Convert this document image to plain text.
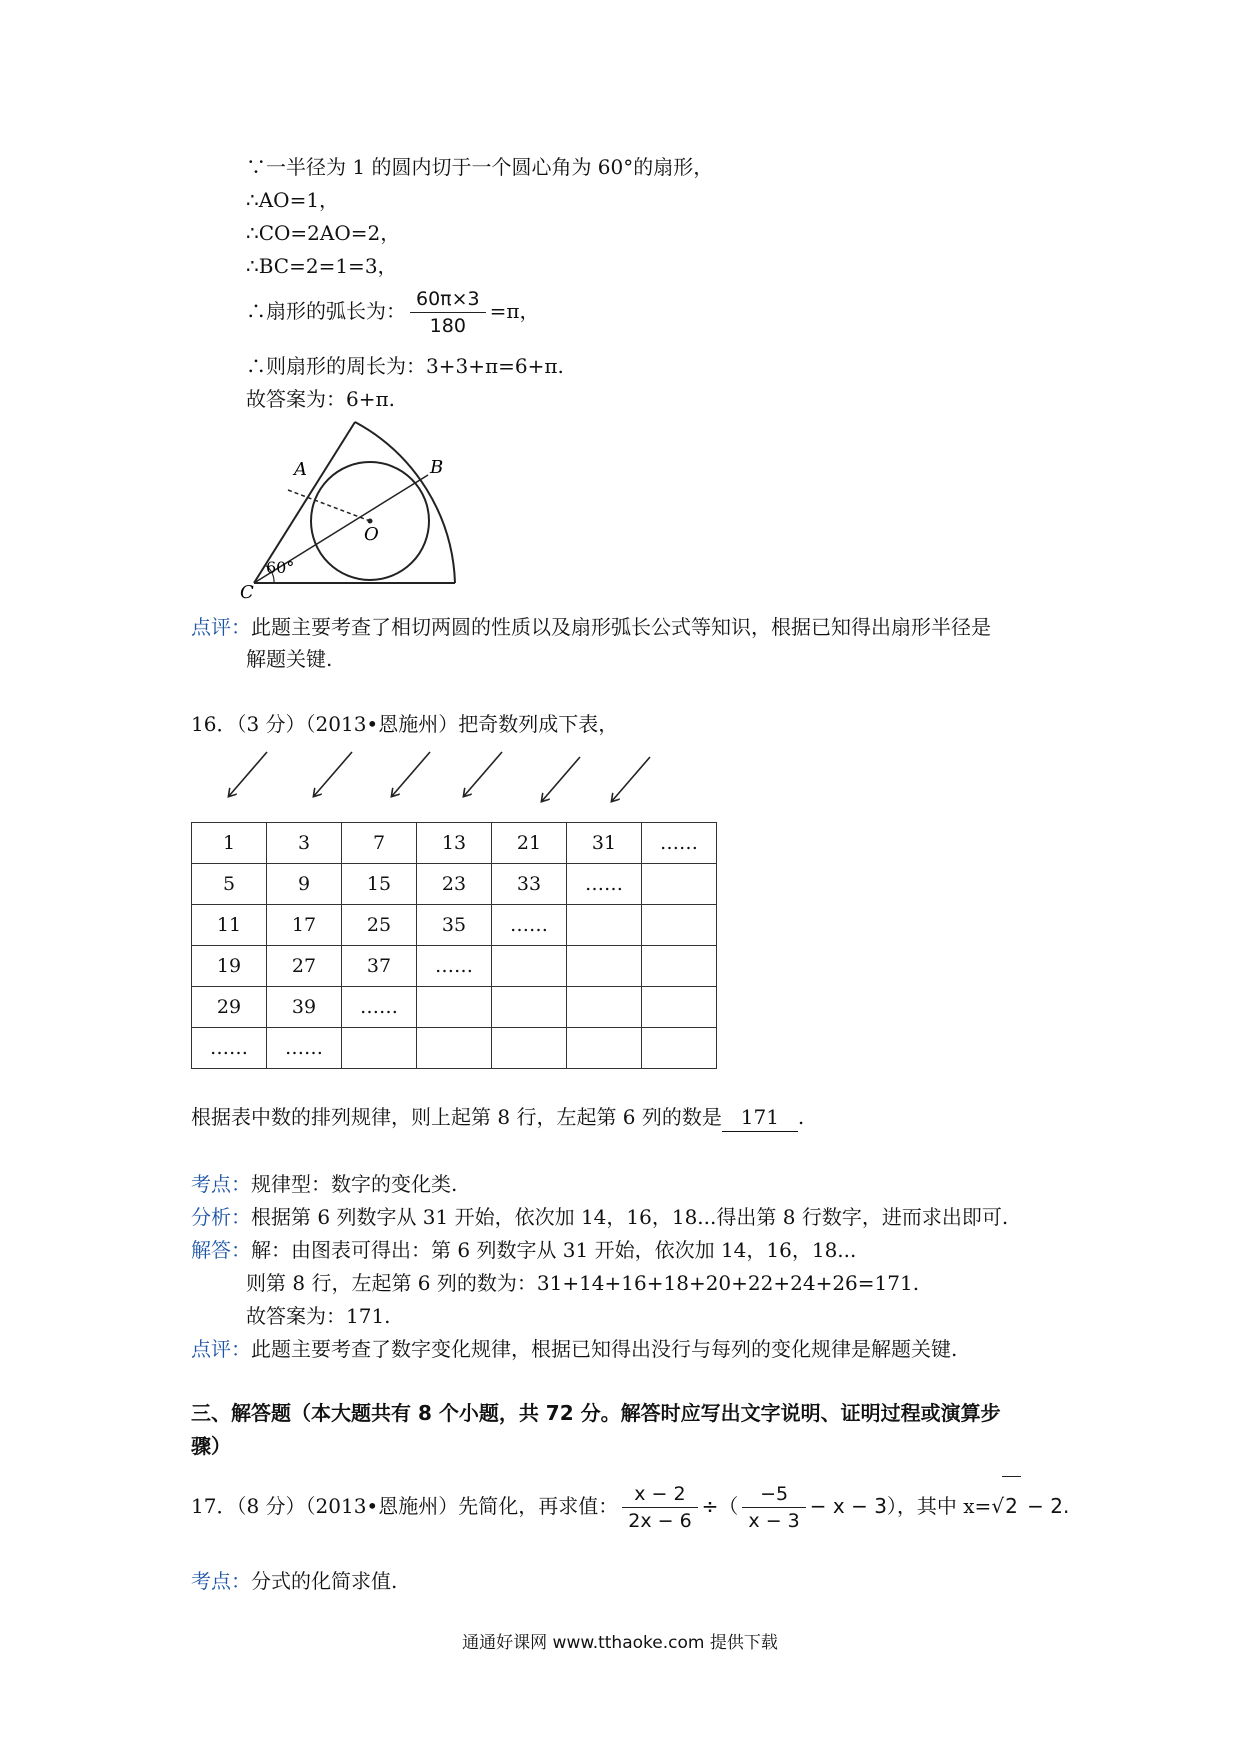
∵一半径为 1 的圆内切于一个圆心角为 60°的扇形，
∴AO=1，
∴CO=2AO=2，
∴BC=2=1=3，
∴扇形的弧长为： $\frac{60\pi\times 3}{180} =\pi$，
∴则扇形的周长为：3+3+π=6+π.
故答案为：6+π.
A	B
O
C
60°
点评：此题主要考查了相切两圆的性质以及扇形弧长公式等知识，根据已知得出扇形半径是
解题关键.
16．（3 分）（2013•恩施州）把奇数列成下表，
1	3	7	13	21	31	……
5	9	15	23	33	……	
11	17	25	35	……		
19	27	37	……			
29	39	……				
……	……					
根据表中数的排列规律，则上起第 8 行，左起第 6 列的数是 171 .
考点：规律型：数字的变化类.
分析：根据第 6 列数字从 31 开始，依次加 14，16，18...得出第 8 行数字，进而求出即可.
解答：解：由图表可得出：第 6 列数字从 31 开始，依次加 14，16，18...
则第 8 行，左起第 6 列的数为：31+14+16+18+20+22+24+26=171.
故答案为：171.
点评：此题主要考查了数字变化规律，根据已知得出没行与每列的变化规律是解题关键.
三、解答题（本大题共有 8 个小题，共 72 分。解答时应写出文字说明、证明过程或演算步
骤）
17．（8 分）（2013•恩施州）先简化，再求值： $\frac{x - 2}{2x - 6}$ ÷（ $\frac{-5}{x - 3} - x - 3$），其中 x=√2 − 2.
考点：分式的化简求值.
通通好课网 www.tthaoke.com 提供下载
